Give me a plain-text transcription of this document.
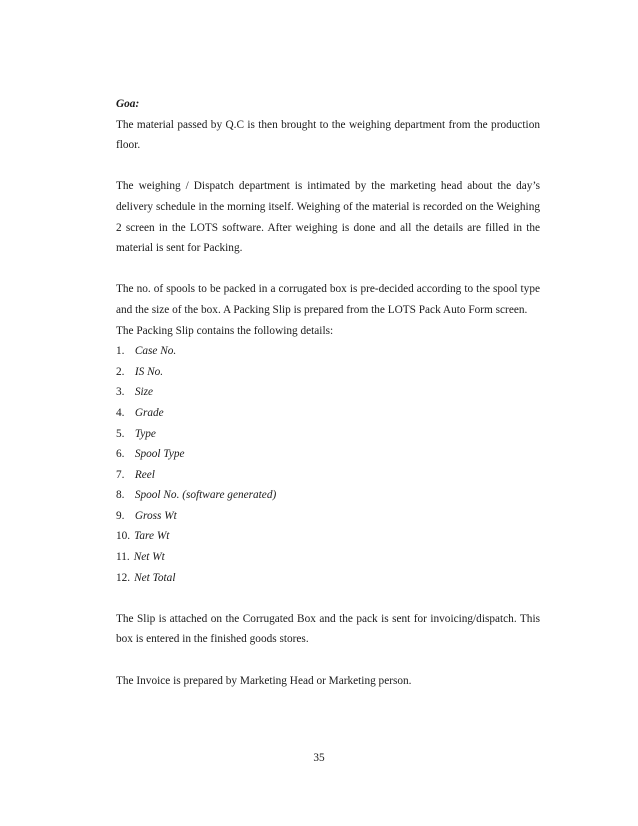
Goa:

The material passed by Q.C is then brought to the weighing department from the production floor.

The weighing / Dispatch department is intimated by the marketing head about the day’s delivery schedule in the morning itself. Weighing of the material is recorded on the Weighing 2 screen in the LOTS software. After weighing is done and all the details are filled in the material is sent for Packing.

The no. of spools to be packed in a corrugated box is pre-decided according to the spool type and the size of the box. A Packing Slip is prepared from the LOTS Pack Auto Form screen.

The Packing Slip contains the following details:

1. Case No.
2. IS No.
3. Size
4. Grade
5. Type
6. Spool Type
7. Reel
8. Spool No. (software generated)
9. Gross Wt
10. Tare Wt
11. Net Wt
12. Net Total

The Slip is attached on the Corrugated Box and the pack is sent for invoicing/dispatch. This box is entered in the finished goods stores.

The Invoice is prepared by Marketing Head or Marketing person.

35
